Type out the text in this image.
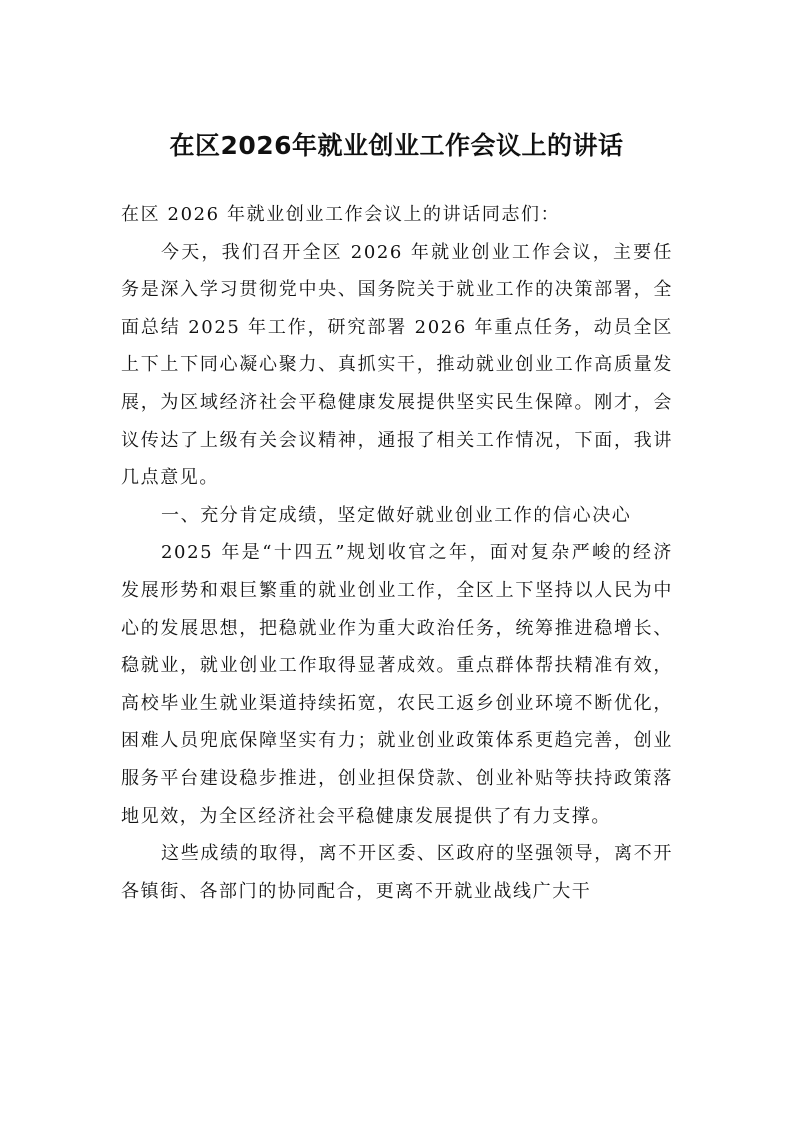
在区2026年就业创业工作会议上的讲话

在区 2026 年就业创业工作会议上的讲话同志们：

今天，我们召开全区 2026 年就业创业工作会议，主要任务是深入学习贯彻党中央、国务院关于就业工作的决策部署，全面总结 2025 年工作，研究部署 2026 年重点任务，动员全区上下上下同心凝心聚力、真抓实干，推动就业创业工作高质量发展，为区域经济社会平稳健康发展提供坚实民生保障。刚才，会议传达了上级有关会议精神，通报了相关工作情况，下面，我讲几点意见。

一、充分肯定成绩，坚定做好就业创业工作的信心决心

2025 年是“十四五”规划收官之年，面对复杂严峻的经济发展形势和艰巨繁重的就业创业工作，全区上下坚持以人民为中心的发展思想，把稳就业作为重大政治任务，统筹推进稳增长、稳就业，就业创业工作取得显著成效。重点群体帮扶精准有效，高校毕业生就业渠道持续拓宽，农民工返乡创业环境不断优化，困难人员兜底保障坚实有力；就业创业政策体系更趋完善，创业服务平台建设稳步推进，创业担保贷款、创业补贴等扶持政策落地见效，为全区经济社会平稳健康发展提供了有力支撑。

这些成绩的取得，离不开区委、区政府的坚强领导，离不开各镇街、各部门的协同配合，更离不开就业战线广大干
